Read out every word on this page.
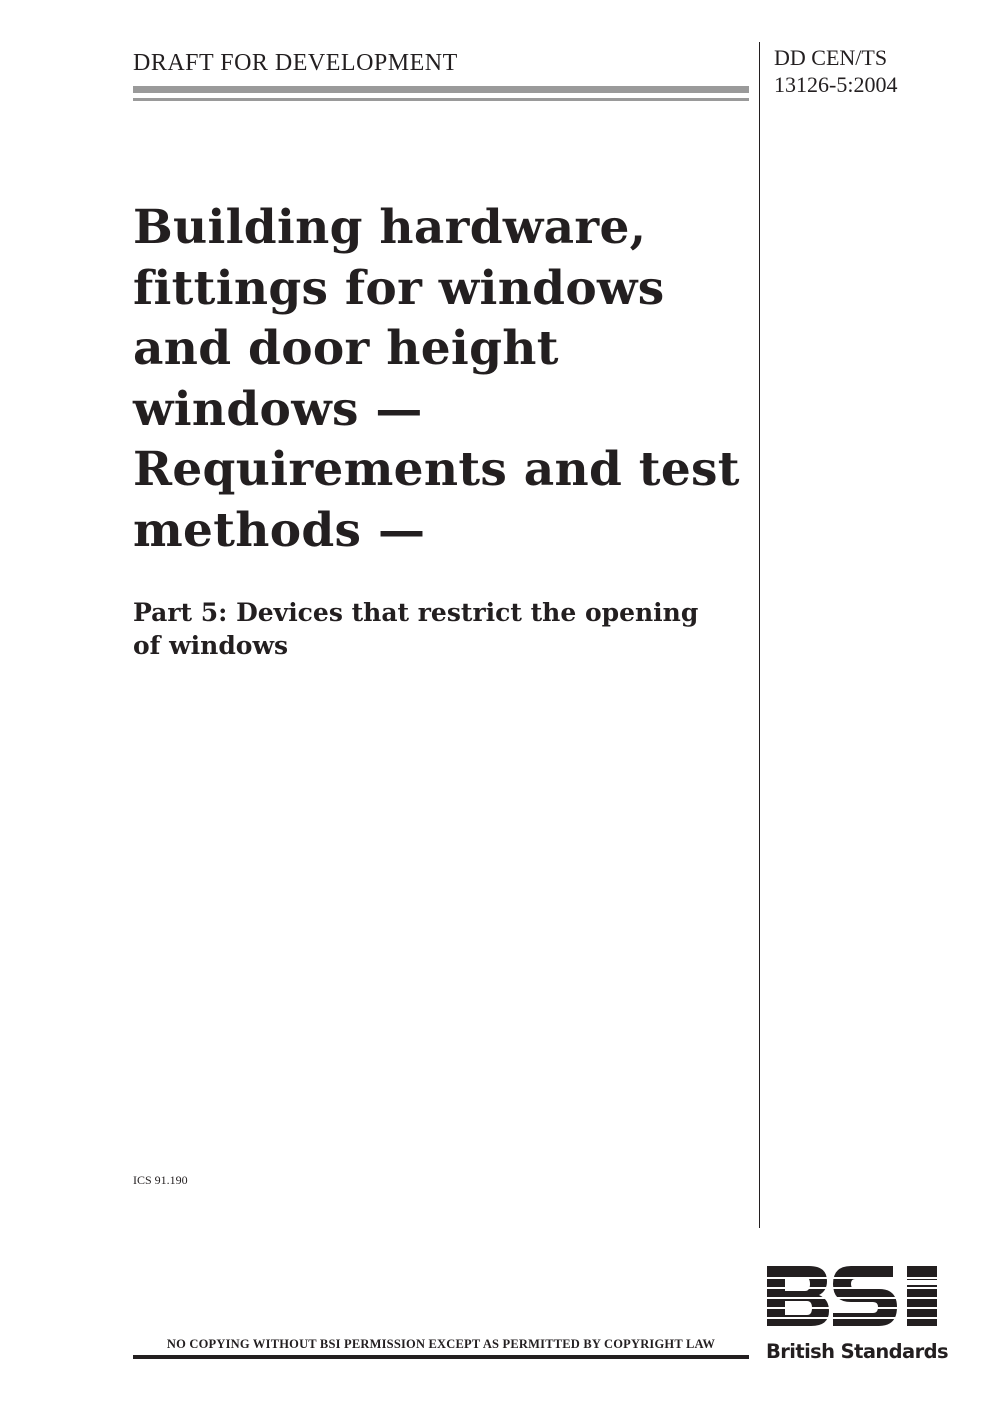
DRAFT FOR DEVELOPMENT	DD CEN/TS
13126-5:2004
Building hardware,
fittings for windows
and door height
windows —
Requirements and test
methods —
Part 5: Devices that restrict the opening
of windows
ICS 91.190
NO COPYING WITHOUT BSI PERMISSION EXCEPT AS PERMITTED BY COPYRIGHT LAW	British Standards
